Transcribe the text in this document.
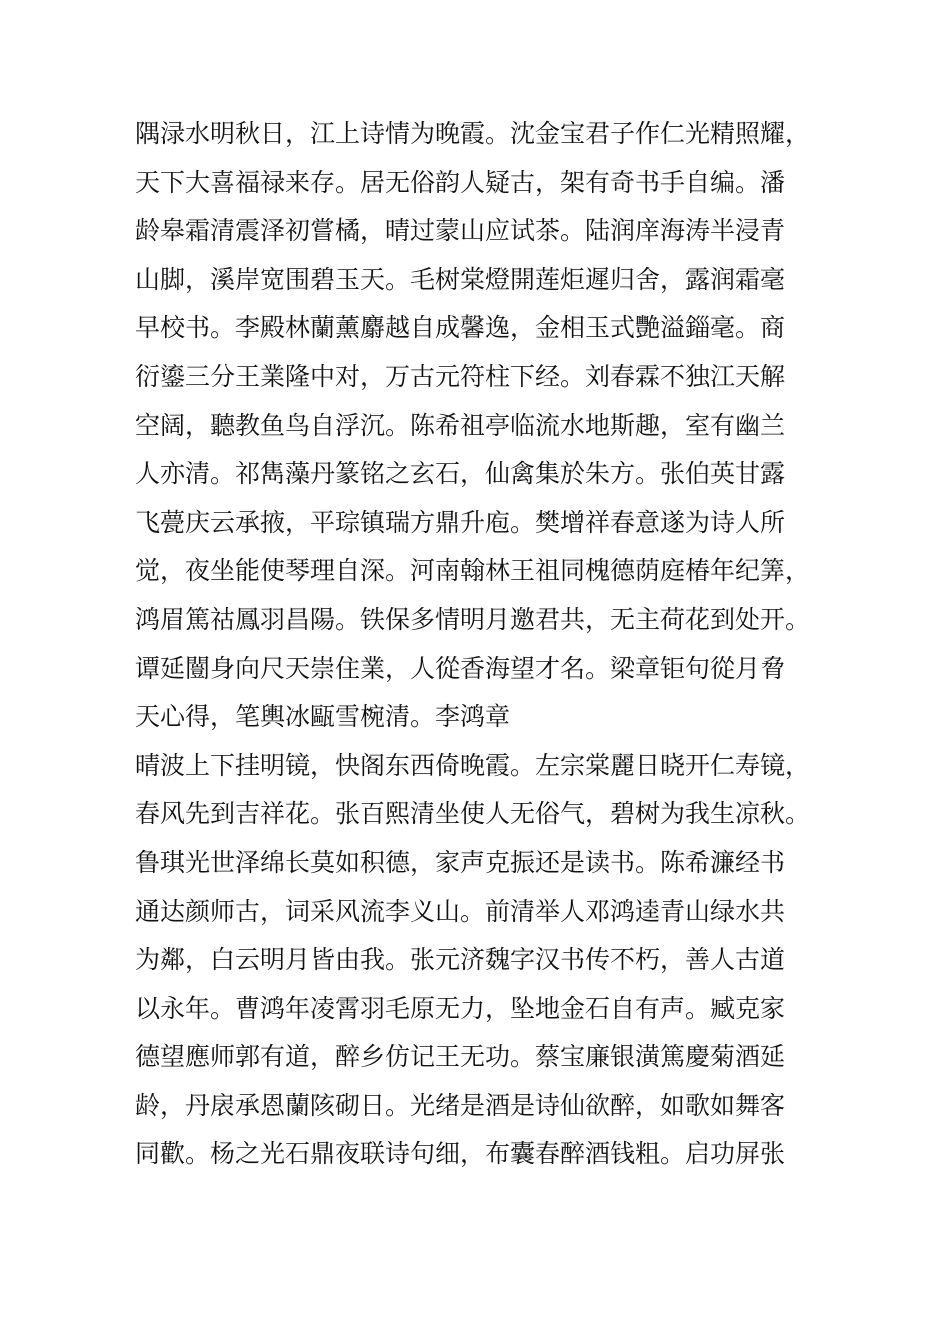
隅渌水明秋日，江上诗情为晚霞。沈金宝君子作仁光精照耀，
天下大喜福禄来存。居无俗韵人疑古，架有奇书手自编。潘
龄皋霜清震泽初嘗橘，晴过蒙山应试茶。陆润庠海涛半浸青
山脚，溪岸宽围碧玉天。毛树棠燈開莲炬遲归舍，露润霜毫
早校书。李殿林蘭薰麝越自成馨逸，金相玉式艷溢錙毫。商
衍鎏三分王業隆中对，万古元符柱下经。刘春霖不独江天解
空阔，聽教鱼鸟自浮沉。陈希祖亭临流水地斯趣，室有幽兰
人亦清。祁雋藻丹篆铭之玄石，仙禽集於朱方。张伯英甘露
飞甍庆云承掖，平琮镇瑞方鼎升庖。樊增祥春意遂为诗人所
觉，夜坐能使琴理自深。河南翰林王祖同槐德荫庭椿年纪筭，
鸿眉篤祜鳳羽昌陽。铁保多情明月邀君共，无主荷花到处开。
谭延闓身向尺天崇住業，人從香海望才名。梁章钜句從月脅
天心得，笔輿冰甌雪椀清。李鸿章
晴波上下挂明镜，快阁东西倚晚霞。左宗棠麗日晓开仁寿镜，
春风先到吉祥花。张百熙清坐使人无俗气，碧树为我生凉秋。
鲁琪光世泽绵长莫如积德，家声克振还是读书。陈希濂经书
通达颜师古，词采风流李义山。前清举人邓鸿逵青山绿水共
为鄰，白云明月皆由我。张元济魏字汉书传不朽，善人古道
以永年。曹鸿年凌霄羽毛原无力，坠地金石自有声。臧克家
德望應师郭有道，醉乡仿记王无功。蔡宝廉银潢篤慶菊酒延
龄，丹扆承恩蘭陔砌日。光绪是酒是诗仙欲醉，如歌如舞客
同歡。杨之光石鼎夜联诗句细，布囊春醉酒钱粗。启功屏张
